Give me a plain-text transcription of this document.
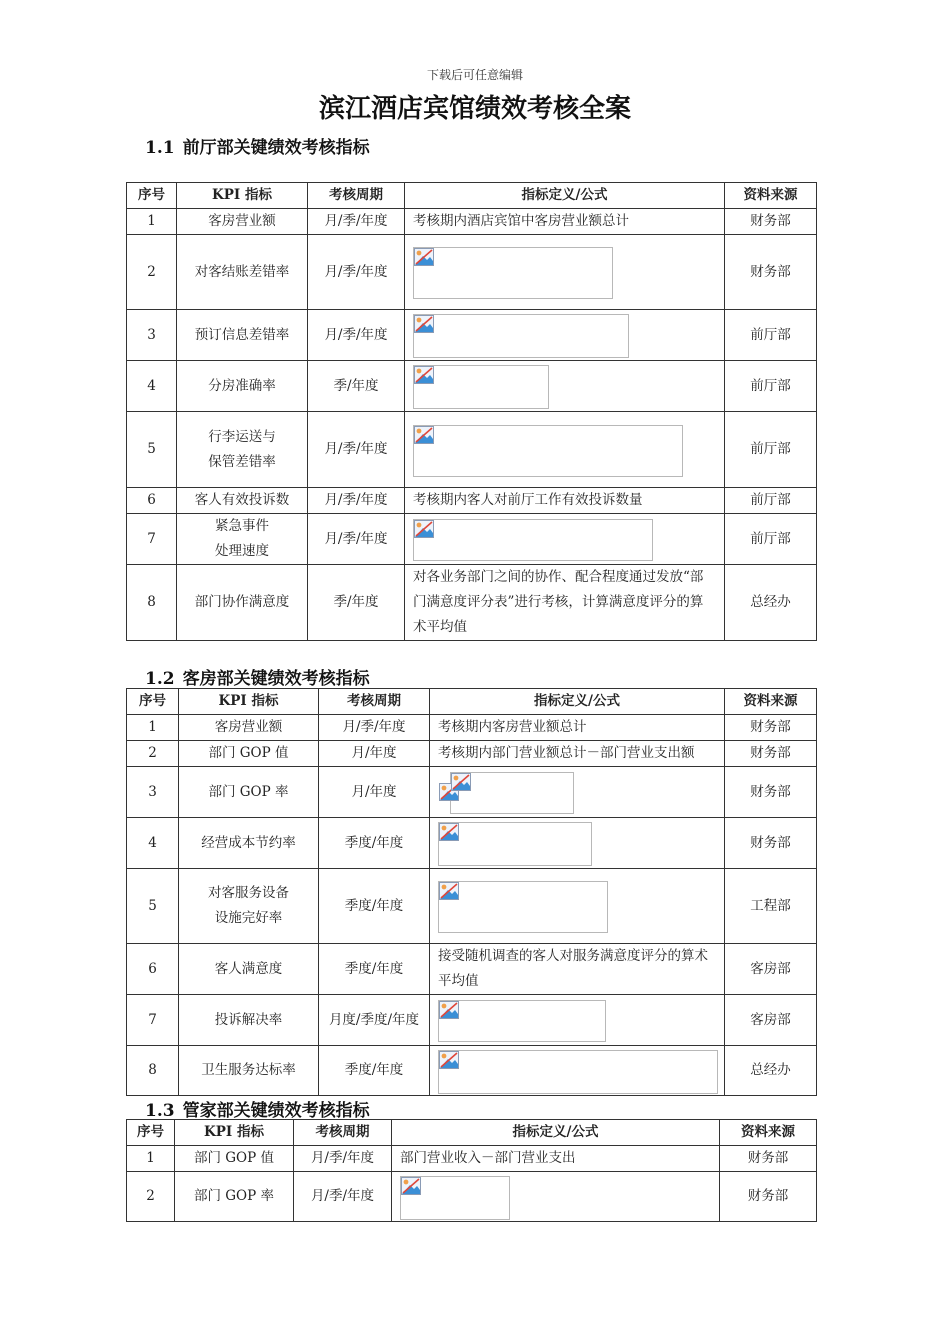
下载后可任意编辑
滨江酒店宾馆绩效考核全案
1.1 前厅部关键绩效考核指标
序号	KPI 指标	考核周期	指标定义/公式	资料来源
1	客房营业额	月/季/年度	考核期内酒店宾馆中客房营业额总计	财务部
2	对客结账差错率	月/季/年度		财务部
3	预订信息差错率	月/季/年度		前厅部
4	分房准确率	季/年度		前厅部
5	行李运送与
保管差错率	月/季/年度		前厅部
6	客人有效投诉数	月/季/年度	考核期内客人对前厅工作有效投诉数量	前厅部
7	紧急事件
处理速度	月/季/年度		前厅部
8	部门协作满意度	季/年度	对各业务部门之间的协作、配合程度通过发放“部门满意度评分表”进行考核，计算满意度评分的算术平均值	总经办
1.2 客房部关键绩效考核指标
序号	KPI 指标	考核周期	指标定义/公式	资料来源
1	客房营业额	月/季/年度	考核期内客房营业额总计	财务部
2	部门 GOP 值	月/年度	考核期内部门营业额总计－部门营业支出额	财务部
3	部门 GOP 率	月/年度		财务部
4	经营成本节约率	季度/年度		财务部
5	对客服务设备
设施完好率	季度/年度		工程部
6	客人满意度	季度/年度	接受随机调查的客人对服务满意度评分的算术平均值	客房部
7	投诉解决率	月度/季度/年度		客房部
8	卫生服务达标率	季度/年度		总经办
1.3 管家部关键绩效考核指标
序号	KPI 指标	考核周期	指标定义/公式	资料来源
1	部门 GOP 值	月/季/年度	部门营业收入－部门营业支出	财务部
2	部门 GOP 率	月/季/年度		财务部
